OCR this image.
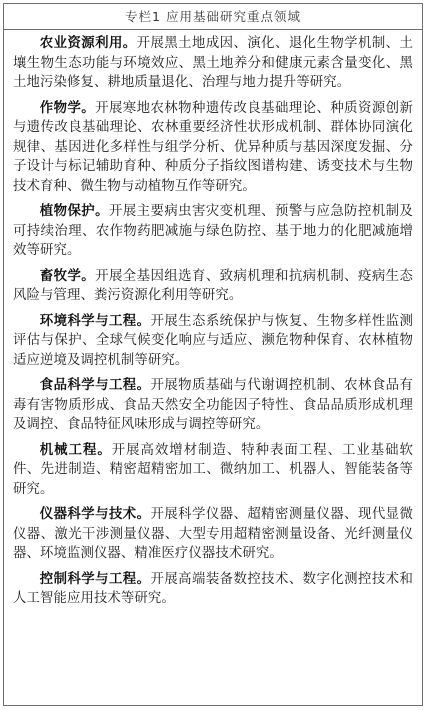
专栏1 应用基础研究重点领域

农业资源利用。开展黑土地成因、演化、退化生物学机制、土壤生物生态功能与环境效应、黑土地养分和健康元素含量变化、黑土地污染修复、耕地质量退化、治理与地力提升等研究。

作物学。开展寒地农林物种遗传改良基础理论、种质资源创新与遗传改良基础理论、农林重要经济性状形成机制、群体协同演化规律、基因进化多样性与组学分析、优异种质与基因深度发掘、分子设计与标记辅助育种、种质分子指纹图谱构建、诱变技术与生物技术育种、微生物与动植物互作等研究。

植物保护。开展主要病虫害灾变机理、预警与应急防控机制及可持续治理、农作物药肥减施与绿色防控、基于地力的化肥减施增效等研究。

畜牧学。开展全基因组选育、致病机理和抗病机制、疫病生态风险与管理、粪污资源化利用等研究。

环境科学与工程。开展生态系统保护与恢复、生物多样性监测评估与保护、全球气候变化响应与适应、濒危物种保育、农林植物适应逆境及调控机制等研究。

食品科学与工程。开展物质基础与代谢调控机制、农林食品有毒有害物质形成、食品天然安全功能因子特性、食品品质形成机理及调控、食品特征风味形成与调控等研究。

机械工程。开展高效增材制造、特种表面工程、工业基础软件、先进制造、精密超精密加工、微纳加工、机器人、智能装备等研究。

仪器科学与技术。开展科学仪器、超精密测量仪器、现代显微仪器、激光干涉测量仪器、大型专用超精密测量设备、光纤测量仪器、环境监测仪器、精准医疗仪器技术研究。

控制科学与工程。开展高端装备数控技术、数字化测控技术和人工智能应用技术等研究。
